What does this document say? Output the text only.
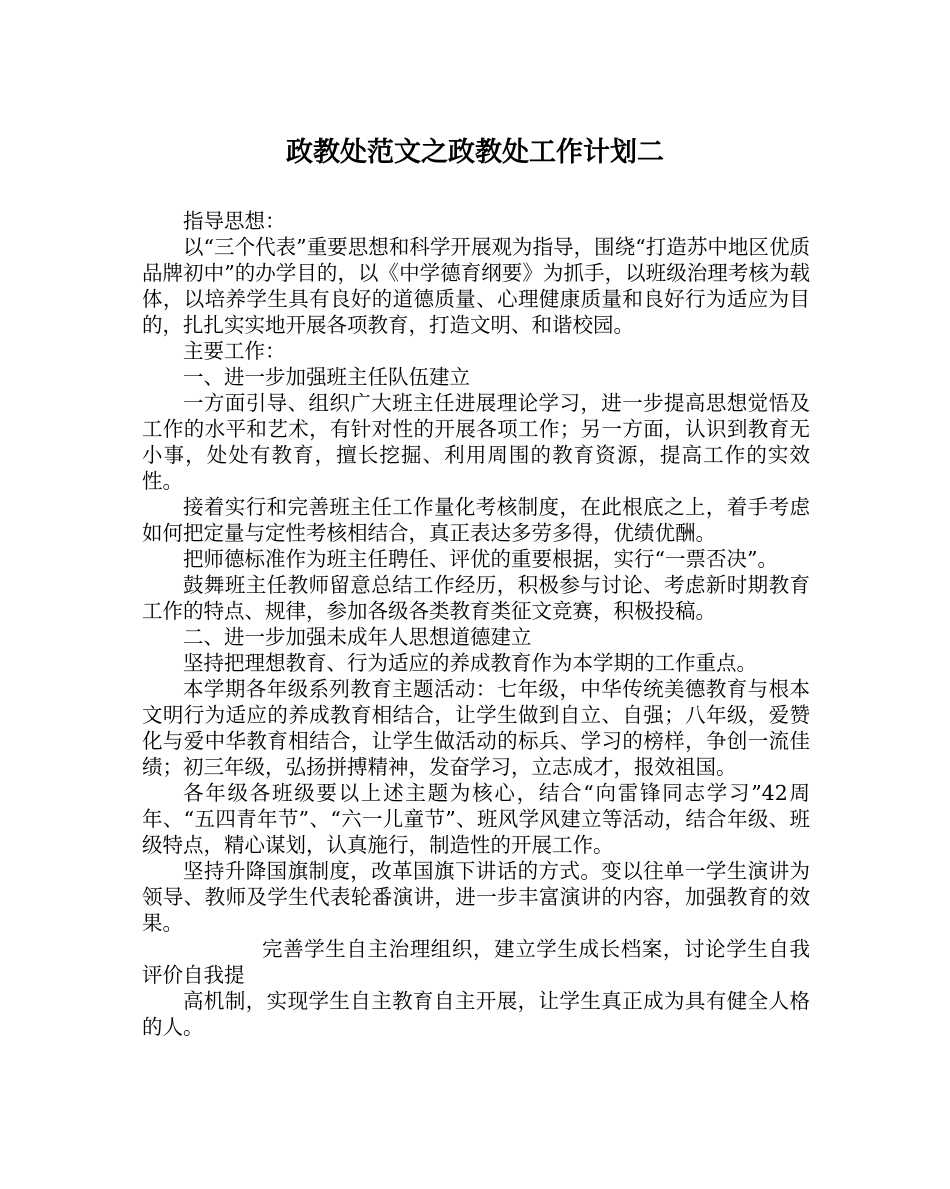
政教处范文之政教处工作计划二

指导思想：

以“三个代表”重要思想和科学开展观为指导，围绕“打造苏中地区优质品牌初中”的办学目的，以《中学德育纲要》为抓手，以班级治理考核为载体，以培养学生具有良好的道德质量、心理健康质量和良好行为适应为目的，扎扎实实地开展各项教育，打造文明、和谐校园。

主要工作：

一、进一步加强班主任队伍建立

一方面引导、组织广大班主任进展理论学习，进一步提高思想觉悟及工作的水平和艺术，有针对性的开展各项工作；另一方面，认识到教育无小事，处处有教育，擅长挖掘、利用周围的教育资源，提高工作的实效性。

接着实行和完善班主任工作量化考核制度，在此根底之上，着手考虑如何把定量与定性考核相结合，真正表达多劳多得，优绩优酬。

把师德标准作为班主任聘任、评优的重要根据，实行“一票否决”。

鼓舞班主任教师留意总结工作经历，积极参与讨论、考虑新时期教育工作的特点、规律，参加各级各类教育类征文竞赛，积极投稿。

二、进一步加强未成年人思想道德建立

坚持把理想教育、行为适应的养成教育作为本学期的工作重点。

本学期各年级系列教育主题活动：七年级，中华传统美德教育与根本文明行为适应的养成教育相结合，让学生做到自立、自强；八年级，爱赞化与爱中华教育相结合，让学生做活动的标兵、学习的榜样，争创一流佳绩；初三年级，弘扬拼搏精神，发奋学习，立志成才，报效祖国。

各年级各班级要以上述主题为核心，结合“向雷锋同志学习”42周年、“五四青年节”、“六一儿童节”、班风学风建立等活动，结合年级、班级特点，精心谋划，认真施行，制造性的开展工作。

坚持升降国旗制度，改革国旗下讲话的方式。变以往单一学生演讲为领导、教师及学生代表轮番演讲，进一步丰富演讲的内容，加强教育的效果。

完善学生自主治理组织，建立学生成长档案，讨论学生自我评价自我提

高机制，实现学生自主教育自主开展，让学生真正成为具有健全人格的人。
